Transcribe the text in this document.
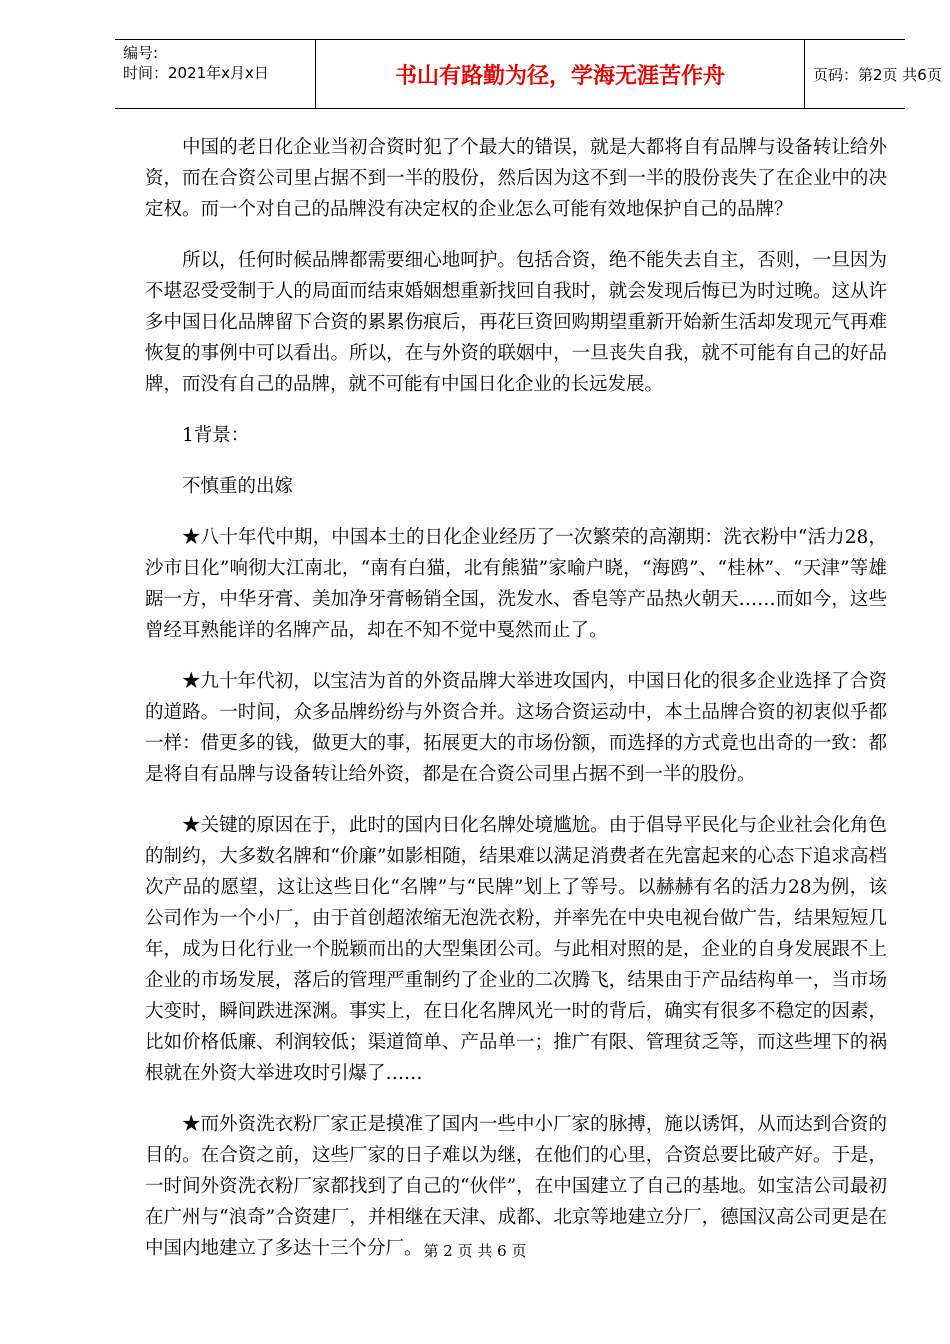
编号:
时间：2021年x月x日	书山有路勤为径，学海无涯苦作舟	页码：第2页 共6页

中国的老日化企业当初合资时犯了个最大的错误，就是大都将自有品牌与设备转让给外资，而在合资公司里占据不到一半的股份，然后因为这不到一半的股份丧失了在企业中的决定权。而一个对自己的品牌没有决定权的企业怎么可能有效地保护自己的品牌？

所以，任何时候品牌都需要细心地呵护。包括合资，绝不能失去自主，否则，一旦因为不堪忍受受制于人的局面而结束婚姻想重新找回自我时，就会发现后悔已为时过晚。这从许多中国日化品牌留下合资的累累伤痕后，再花巨资回购期望重新开始新生活却发现元气再难恢复的事例中可以看出。所以，在与外资的联姻中，一旦丧失自我，就不可能有自己的好品牌，而没有自己的品牌，就不可能有中国日化企业的长远发展。

1背景：

不慎重的出嫁

★八十年代中期，中国本土的日化企业经历了一次繁荣的高潮期：洗衣粉中“活力28，沙市日化”响彻大江南北，“南有白猫，北有熊猫”家喻户晓，“海鸥”、“桂林”、“天津”等雄踞一方，中华牙膏、美加净牙膏畅销全国，洗发水、香皂等产品热火朝天……而如今，这些曾经耳熟能详的名牌产品，却在不知不觉中戛然而止了。

★九十年代初，以宝洁为首的外资品牌大举进攻国内，中国日化的很多企业选择了合资的道路。一时间，众多品牌纷纷与外资合并。这场合资运动中，本土品牌合资的初衷似乎都一样：借更多的钱，做更大的事，拓展更大的市场份额，而选择的方式竟也出奇的一致：都是将自有品牌与设备转让给外资，都是在合资公司里占据不到一半的股份。

★关键的原因在于，此时的国内日化名牌处境尴尬。由于倡导平民化与企业社会化角色的制约，大多数名牌和“价廉”如影相随，结果难以满足消费者在先富起来的心态下追求高档次产品的愿望，这让这些日化“名牌”与“民牌”划上了等号。以赫赫有名的活力28为例，该公司作为一个小厂，由于首创超浓缩无泡洗衣粉，并率先在中央电视台做广告，结果短短几年，成为日化行业一个脱颖而出的大型集团公司。与此相对照的是，企业的自身发展跟不上企业的市场发展，落后的管理严重制约了企业的二次腾飞，结果由于产品结构单一，当市场大变时，瞬间跌进深渊。事实上，在日化名牌风光一时的背后，确实有很多不稳定的因素，比如价格低廉、利润较低；渠道简单、产品单一；推广有限、管理贫乏等，而这些埋下的祸根就在外资大举进攻时引爆了……

★而外资洗衣粉厂家正是摸准了国内一些中小厂家的脉搏，施以诱饵，从而达到合资的目的。在合资之前，这些厂家的日子难以为继，在他们的心里，合资总要比破产好。于是，一时间外资洗衣粉厂家都找到了自己的“伙伴”，在中国建立了自己的基地。如宝洁公司最初在广州与“浪奇”合资建厂，并相继在天津、成都、北京等地建立分厂，德国汉高公司更是在中国内地建立了多达十三个分厂。 第 2 页 共 6 页
